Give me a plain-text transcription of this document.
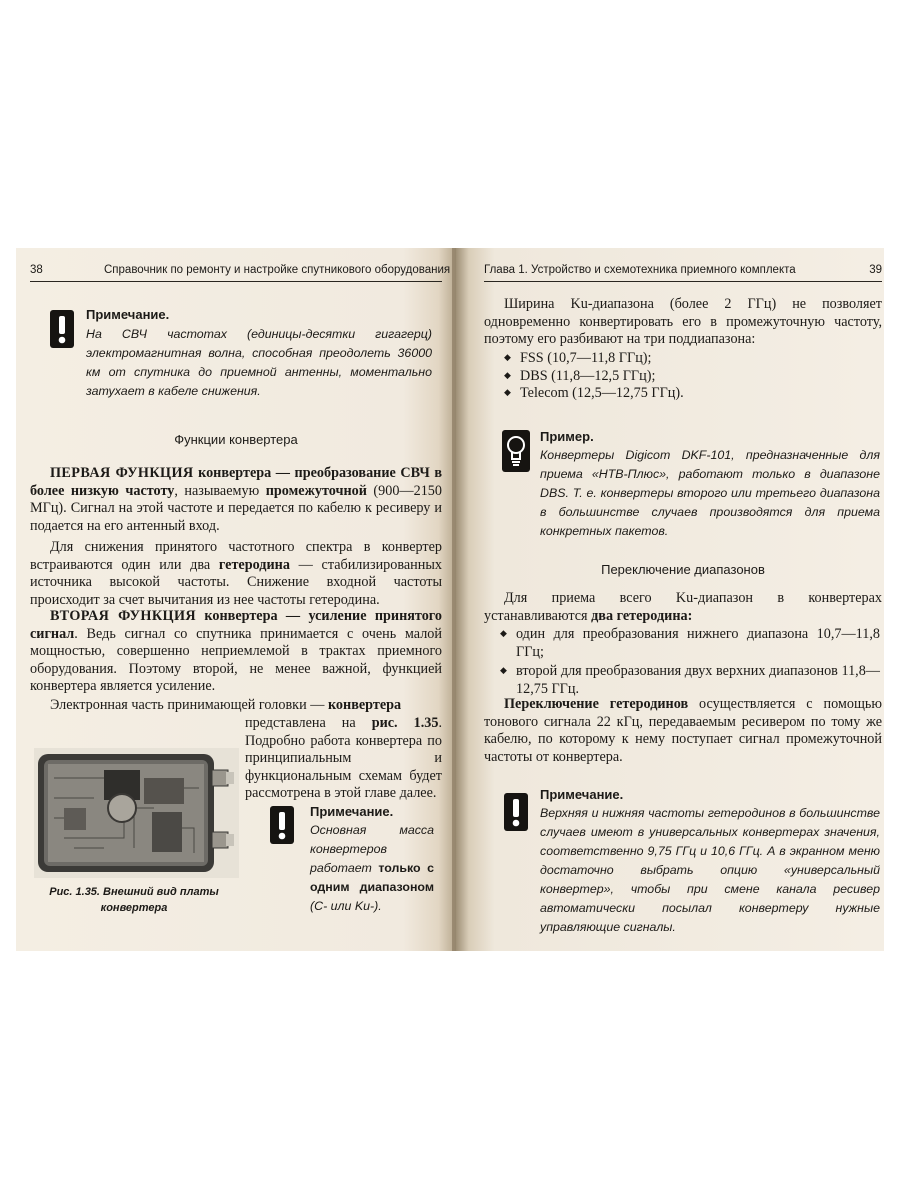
38	Справочник по ремонту и настройке спутникового оборудования
Примечание.
На СВЧ частотах (единицы-десятки гигагерц) электромагнитная волна, способная преодолеть 36000 км от спутника до приемной антенны, моментально затухает в кабеле снижения.
Функции конвертера
ПЕРВАЯ ФУНКЦИЯ конвертера — преобразование СВЧ в более низкую частоту, называемую промежуточной (900—2150 МГц). Сигнал на этой частоте и передается по кабелю к ресиверу и подается на его антенный вход.
Для снижения принятого частотного спектра в конвертер встраиваются один или два гетеродина — стабилизированных источника высокой частоты. Снижение входной частоты происходит за счет вычитания из нее частоты гетеродина.
ВТОРАЯ ФУНКЦИЯ конвертера — усиление принятого сигнал. Ведь сигнал со спутника принимается с очень малой мощностью, совершенно неприемлемой в трактах приемного оборудования. Поэтому второй, не менее важной, функцией конвертера является усиление.
Электронная часть принимающей головки — конвертера
Рис. 1.35. Внешний вид платы конвертера
представлена на рис. 1.35. Подробно работа конвертера по принципиальным и функциональным схемам будет рассмотрена в этой главе далее.
Примечание.
Основная масса конвертеров работает только с одним диапазоном (С- или Ku-).
Глава 1. Устройство и схемотехника приемного комплекта	39
Ширина Ku-диапазона (более 2 ГГц) не позволяет одновременно конвертировать его в промежуточную частоту, поэтому его разбивают на три поддиапазона:
◆ FSS (10,7—11,8 ГГц);
◆ DBS (11,8—12,5 ГГц);
◆ Telecom (12,5—12,75 ГГц).
Пример.
Конвертеры Digicom DKF-101, предназначенные для приема «НТВ-Плюс», работают только в диапазоне DBS. Т. е. конвертеры второго или третьего диапазона в большинстве случаев производятся для приема конкретных пакетов.
Переключение диапазонов
Для приема всего Ku-диапазон в конвертерах устанавливаются два гетеродина:
◆ один для преобразования нижнего диапазона 10,7—11,8 ГГц;
◆ второй для преобразования двух верхних диапазонов 11,8—12,75 ГГц.
Переключение гетеродинов осуществляется с помощью тонового сигнала 22 кГц, передаваемым ресивером по тому же кабелю, по которому к нему поступает сигнал промежуточной частоты от конвертера.
Примечание.
Верхняя и нижняя частоты гетеродинов в большинстве случаев имеют в универсальных конвертерах значения, соответственно 9,75 ГГц и 10,6 ГГц. А в экранном меню достаточно выбрать опцию «универсальный конвертер», чтобы при смене канала ресивер автоматически посылал конвертеру нужные управляющие сигналы.
